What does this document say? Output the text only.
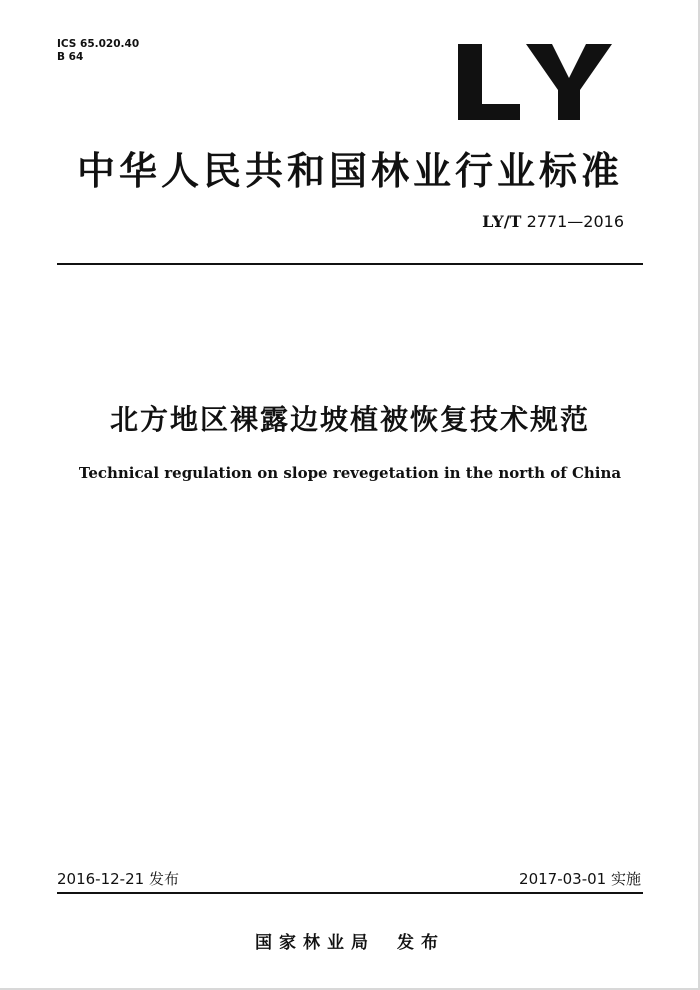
ICS 65.020.40
B 64
中华人民共和国林业行业标准
LY/T 2771—2016
北方地区裸露边坡植被恢复技术规范
Technical regulation on slope revegetation in the north of China
2016-12-21 发布	2017-03-01 实施
国家林业局 发布
